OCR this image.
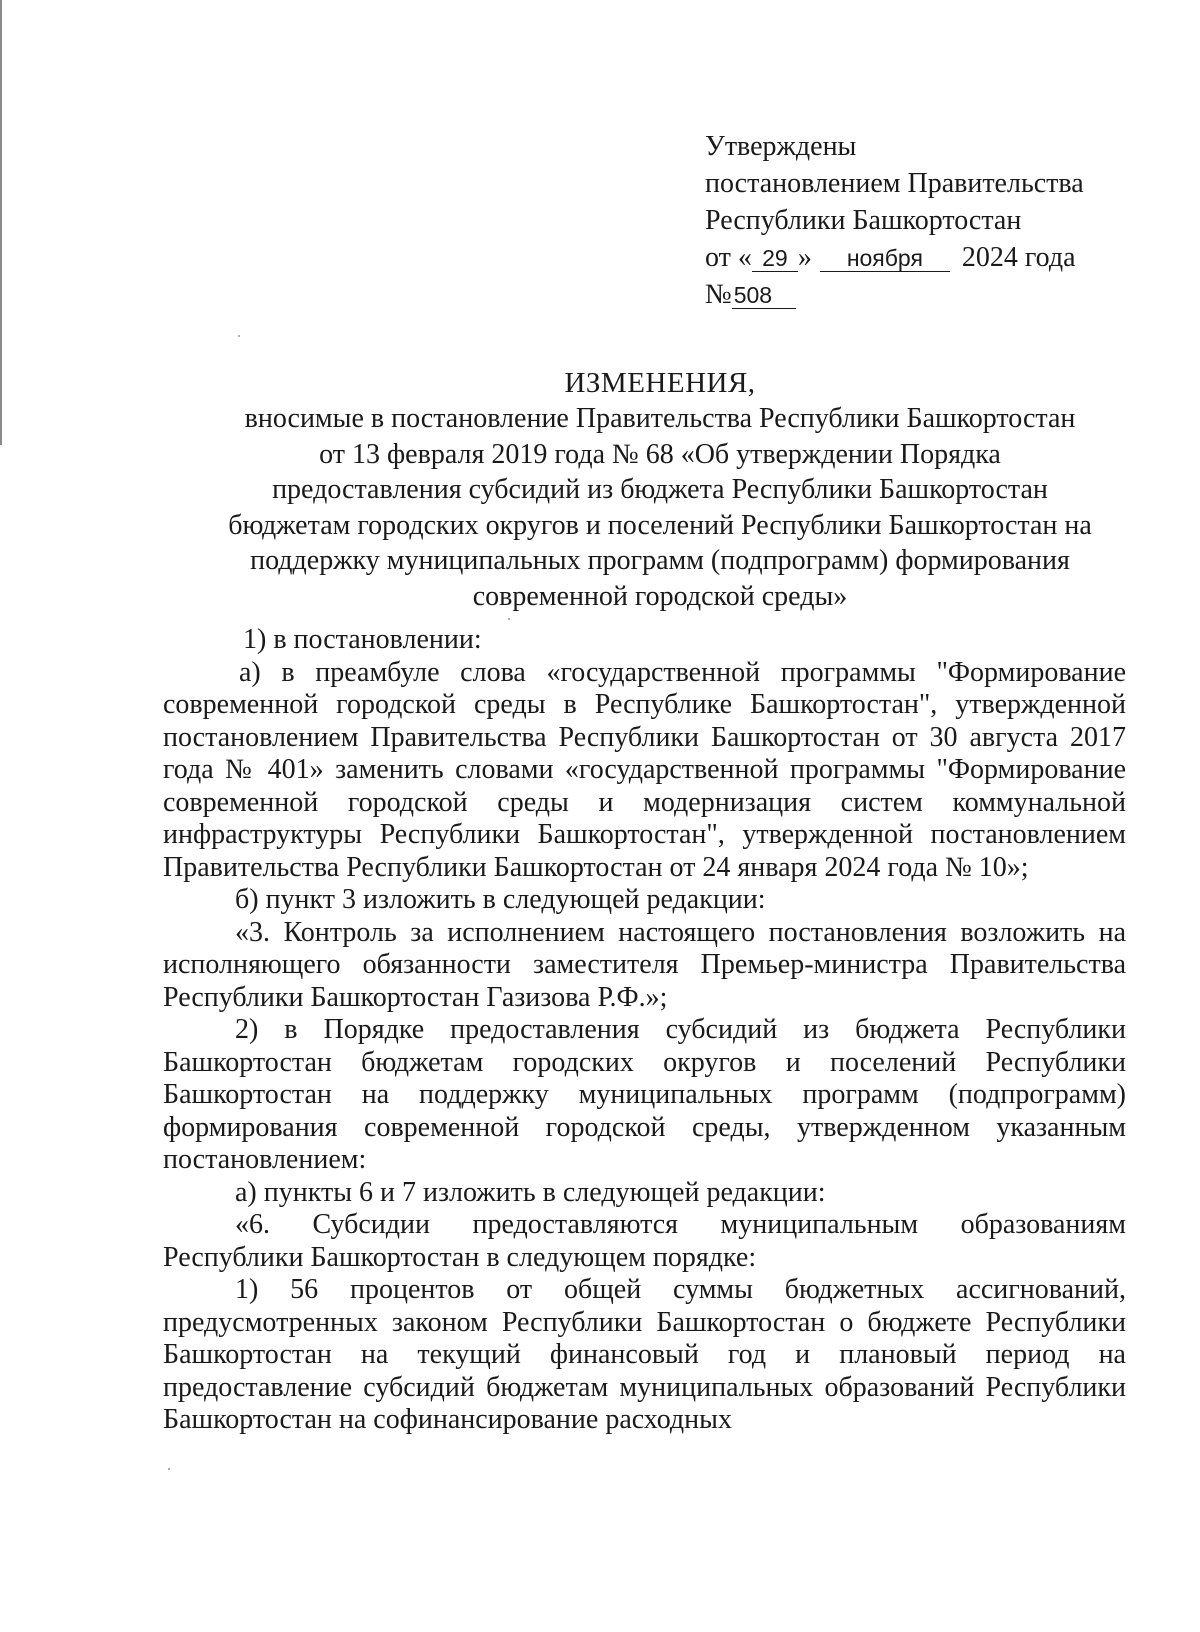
Утверждены
постановлением Правительства
Республики Башкортостан
от « 29 » ноября 2024 года
№508
ИЗМЕНЕНИЯ,
вносимые в постановление Правительства Республики Башкортостан
от 13 февраля 2019 года № 68 «Об утверждении Порядка
предоставления субсидий из бюджета Республики Башкортостан
бюджетам городских округов и поселений Республики Башкортостан на
поддержку муниципальных программ (подпрограмм) формирования
современной городской среды»

1) в постановлении:

а) в преамбуле слова «государственной программы "Формирование современной городской среды в Республике Башкортостан", утвержденной постановлением Правительства Республики Башкортостан от 30 августа 2017 года № 401» заменить словами «государственной программы "Формирование современной городской среды и модернизация систем коммунальной инфраструктуры Республики Башкортостан", утвержденной постановлением Правительства Республики Башкортостан от 24 января 2024 года № 10»;

б) пункт 3 изложить в следующей редакции:

«3. Контроль за исполнением настоящего постановления возложить на исполняющего обязанности заместителя Премьер-министра Правительства Республики Башкортостан Газизова Р.Ф.»;

2) в Порядке предоставления субсидий из бюджета Республики Башкортостан бюджетам городских округов и поселений Республики Башкортостан на поддержку муниципальных программ (подпрограмм) формирования современной городской среды, утвержденном указанным постановлением:

а) пункты 6 и 7 изложить в следующей редакции:

«6. Субсидии предоставляются муниципальным образованиям Республики Башкортостан в следующем порядке:

1) 56 процентов от общей суммы бюджетных ассигнований, предусмотренных законом Республики Башкортостан о бюджете Республики Башкортостан на текущий финансовый год и плановый период на предоставление субсидий бюджетам муниципальных образований Республики Башкортостан на софинансирование расходных
